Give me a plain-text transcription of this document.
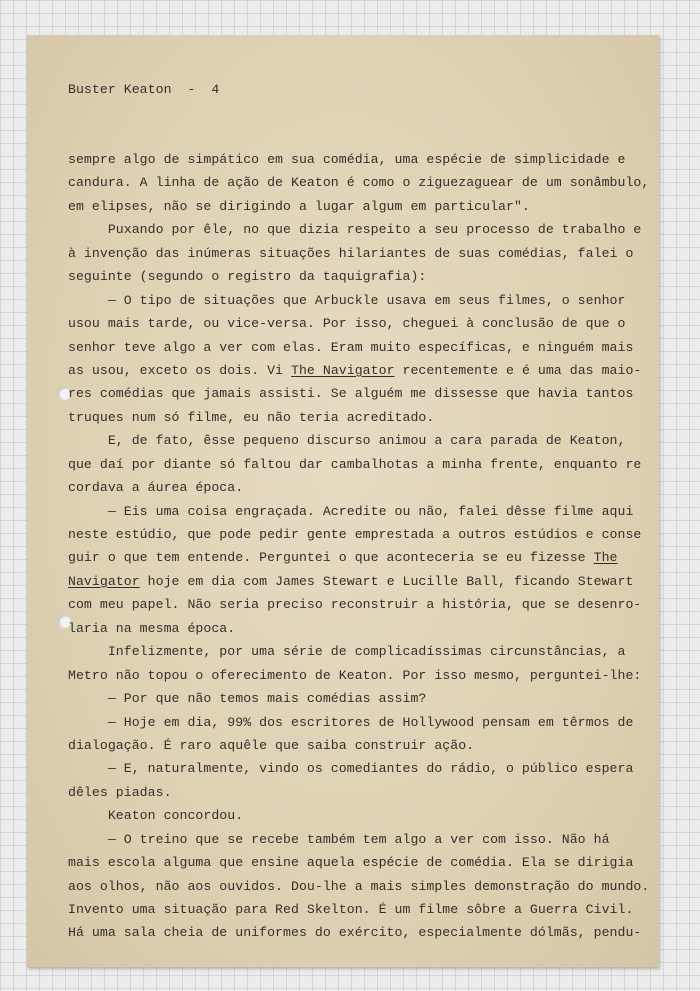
Buster Keaton - 4

sempre algo de simpático em sua comédia, uma espécie de simplicidade e
candura. A linha de ação de Keaton é como o ziguezaguear de um sonâmbulo,
em elipses, não se dirigindo a lugar algum em particular".
Puxando por êle, no que dizia respeito a seu processo de trabalho e
à invenção das inúmeras situações hilariantes de suas comédias, falei o
seguinte (segundo o registro da taquigrafia):
— O tipo de situações que Arbuckle usava em seus filmes, o senhor
usou mais tarde, ou vice-versa. Por isso, cheguei à conclusão de que o
senhor teve algo a ver com elas. Eram muito específicas, e ninguém mais
as usou, exceto os dois. Vi The Navigator recentemente e é uma das maio-
res comédias que jamais assisti. Se alguém me dissesse que havia tantos
truques num só filme, eu não teria acreditado.
E, de fato, êsse pequeno discurso animou a cara parada de Keaton,
que daí por diante só faltou dar cambalhotas a minha frente, enquanto re
cordava a áurea época.
— Eis uma coisa engraçada. Acredite ou não, falei dêsse filme aqui
neste estúdio, que pode pedir gente emprestada a outros estúdios e conse
guir o que tem entende. Perguntei o que aconteceria se eu fizesse The
Navigator hoje em dia com James Stewart e Lucille Ball, ficando Stewart
com meu papel. Não seria preciso reconstruir a história, que se desenro-
laria na mesma época.
Infelizmente, por uma série de complicadíssimas circunstâncias, a
Metro não topou o oferecimento de Keaton. Por isso mesmo, perguntei-lhe:
— Por que não temos mais comédias assim?
— Hoje em dia, 99% dos escritores de Hollywood pensam em têrmos de
dialogação. É raro aquêle que saiba construir ação.
— E, naturalmente, vindo os comediantes do rádio, o público espera
dêles piadas.
Keaton concordou.
— O treino que se recebe também tem algo a ver com isso. Não há
mais escola alguma que ensine aquela espécie de comédia. Ela se dirigia
aos olhos, não aos ouvidos. Dou-lhe a mais simples demonstração do mundo.
Invento uma situação para Red Skelton. É um filme sôbre a Guerra Civil.
Há uma sala cheia de uniformes do exército, especialmente dólmãs, pendu-
